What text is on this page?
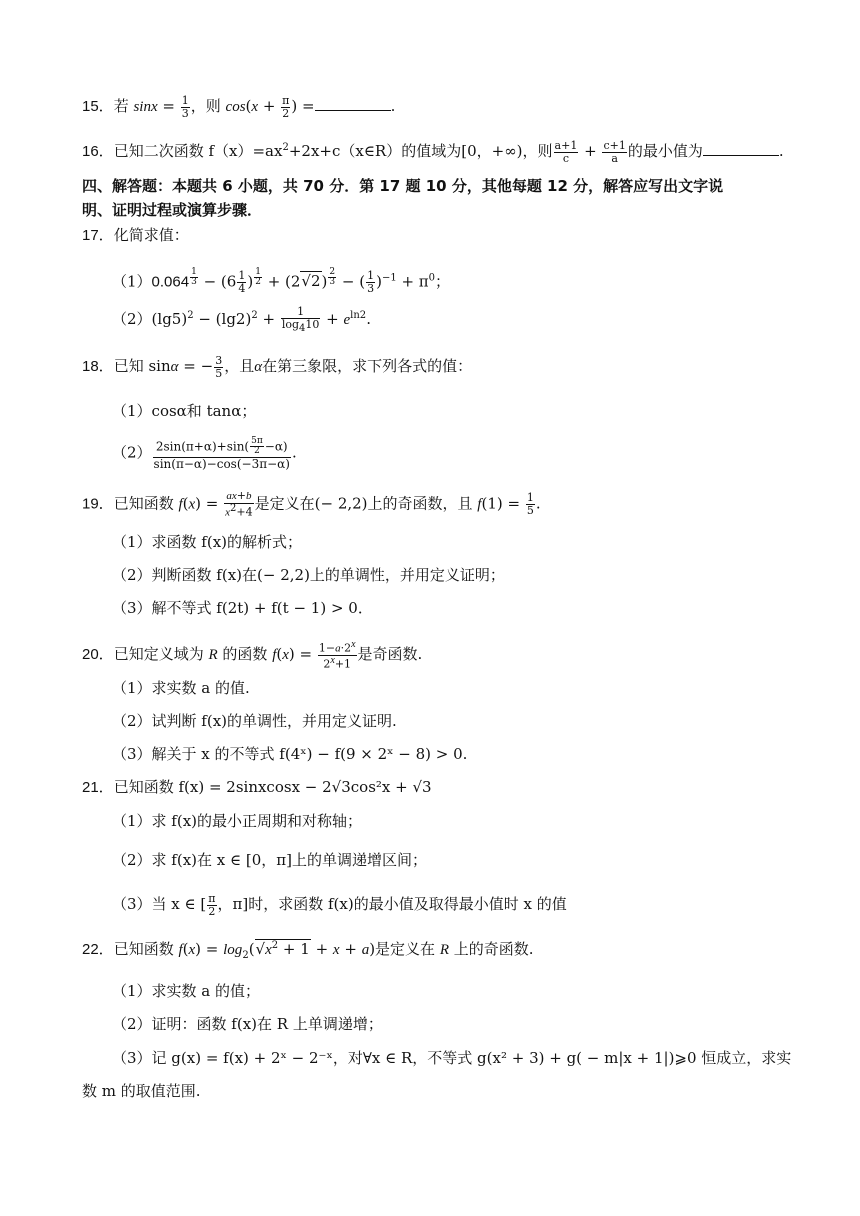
15．若 $\sin x = \frac{1}{3}$ ，则 $\cos(x + \frac{\pi}{2}$ ) =	.
16．已知二次函数 $f(x)=ax^2+2x+c(x\in R)$的值域为[0，+∞)，则 $\frac{a+1}{c} + \frac{c+1}{a}$ 的最小值为	.
四、解答题：本题共 6 小题，共 70 分．第 17 题 10 分，其他每题 12 分，解答应写出文字说
明、证明过程或演算步骤．
17．化简求值：
（1）0.064 $^{\frac{1}{3}} - (6 \frac{1}{4}$ ) $^{\frac{1}{2}}$ + (2√2) $^{\frac{2}{3}}$ − ( $\frac{1}{3} )^{-1} + \pi^0$；
$(2)(\lg 5)^2 - (\lg 2)^2 + \frac{1}{\log_410} + e^{ln2}$.
18．已知 sinα = − $\frac{3}{5}$ ，且α在第三象限，求下列各式的值：
（1）cosα和 tanα；
$(2) \frac{2\sin(\pi+\alpha)+\sin( \frac{5\pi}{2} -\alpha)}{\sin(\pi-\alpha)-\cos(-3\pi-\alpha)}$ .
19．已知函数 $f(x) = \frac{ax+b}{x^2+4}$ 是定义在(− 2,2)上的奇函数，且 $f(1) = \frac{1}{5}$ .
（1）求函数 f(x)的解析式；
（2）判断函数 f(x)在(− 2,2)上的单调性，并用定义证明；
（3）解不等式 f(2t) + f(t − 1) > 0．
20．已知定义域为 R 的函数 $f(x) = \frac{1-a\cdot 2^x}{2^x+1}$ 是奇函数.
（1）求实数 a 的值.
（2）试判断 f(x)的单调性，并用定义证明.
（3）解关于 x 的不等式 f(4ˣ) − f(9 × 2ˣ − 8) > 0.
21．已知函数 f(x) = 2sinxcosx − 2√3cos²x + √3
（1）求 f(x)的最小正周期和对称轴；
（2）求 f(x)在 x ∈ [0，π]上的单调递增区间；
（3）当 x ∈ [ $\frac{\pi}{2}$ ，π]时，求函数 f(x)的最小值及取得最小值时 x 的值
22．已知函数 $f(x) = \log_2(√x^2 + 1 + x + a)$是定义在 R 上的奇函数.
（1）求实数 a 的值；
（2）证明：函数 f(x)在 R 上单调递增；
（3）记 g(x) = f(x) + 2ˣ − 2⁻ˣ，对∀x ∈ R，不等式 g(x² + 3) + g( − m|x + 1|)⩾0 恒成立，求实
数 m 的取值范围.
